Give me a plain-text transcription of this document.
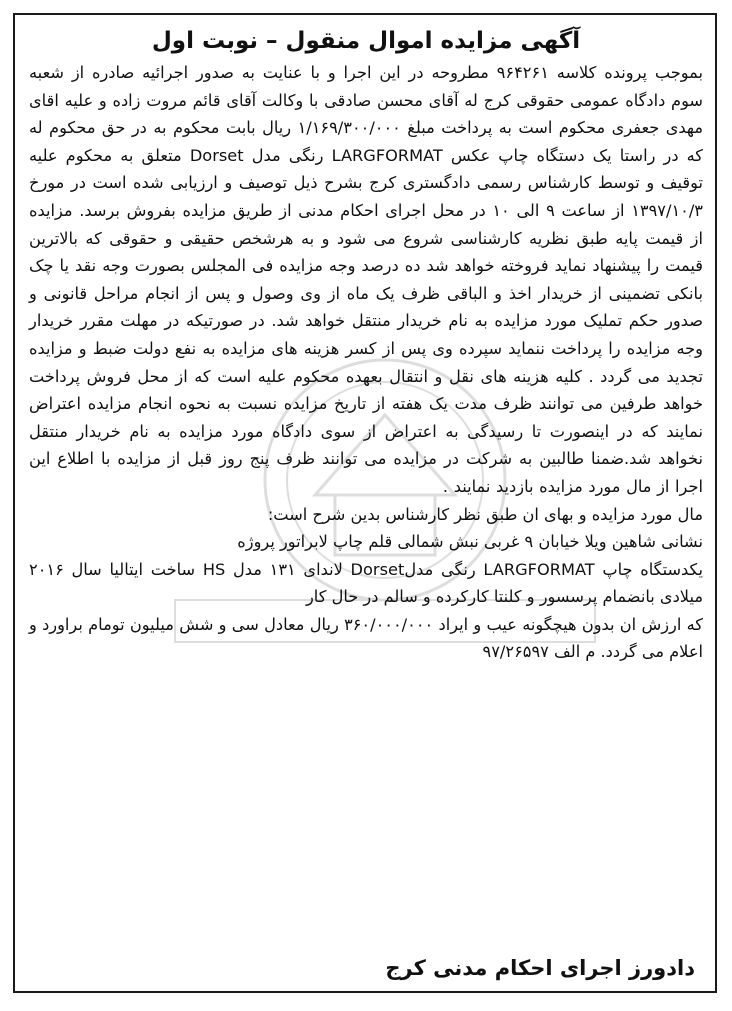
آگهی مزایده اموال منقول – نوبت اول

بموجب پرونده کلاسه ۹۶۴۲۶۱ مطروحه در این اجرا و با عنایت به صدور اجرائیه صادره از شعبه سوم دادگاه عمومی حقوقی کرج له آقای محسن صادقی با وکالت آقای قائم مروت زاده و علیه اقای مهدی جعفری محکوم است به پرداخت مبلغ ۱/۱۶۹/۳۰۰/۰۰۰ ریال بابت محکوم به در حق محکوم له که در راستا یک دستگاه چاپ عکس LARGFORMAT رنگی مدل Dorset متعلق به محکوم علیه توقیف و توسط کارشناس رسمی دادگستری کرج بشرح ذیل توصیف و ارزیابی شده است در مورخ ۱۳۹۷/۱۰/۳ از ساعت ۹ الی ۱۰ در محل اجرای احکام مدنی از طریق مزایده بفروش برسد. مزایده از قیمت پایه طبق نظریه کارشناسی شروع می شود و به هرشخص حقیقی و حقوقی که بالاترین قیمت را پیشنهاد نماید فروخته خواهد شد ده درصد وجه مزایده فی المجلس بصورت وجه نقد یا چک بانکی تضمینی از خریدار اخذ و الباقی ظرف یک ماه از وی وصول و پس از انجام مراحل قانونی و صدور حکم تملیک مورد مزایده به نام خریدار منتقل خواهد شد. در صورتیکه در مهلت مقرر خریدار وجه مزایده را پرداخت ننماید سپرده وی پس از کسر هزینه های مزایده به نفع دولت ضبط و مزایده تجدید می گردد . کلیه هزینه های نقل و انتقال بعهده محکوم علیه است که از محل فروش پرداخت خواهد طرفین می توانند ظرف مدت یک هفته از تاریخ مزایده نسبت به نحوه انجام مزایده اعتراض نمایند که در اینصورت تا رسیدگی به اعتراض از سوی دادگاه مورد مزایده به نام خریدار منتقل نخواهد شد.ضمنا طالبین به شرکت در مزایده می توانند ظرف پنج روز قبل از مزایده با اطلاع این اجرا از مال مورد مزایده بازدید نمایند .

مال مورد مزایده و بهای ان طبق نظر کارشناس بدین شرح است:

نشانی شاهین ویلا خیابان ۹ غربی نبش شمالی قلم چاپ لابراتور پروژه

یکدستگاه چاپ LARGFORMAT رنگی مدلDorset لاندای ۱۳۱ مدل HS ساخت ایتالیا سال ۲۰۱۶ میلادی بانضمام پرسسور و کلنتا کارکرده و سالم در حال کار

که ارزش ان بدون هیچگونه عیب و ایراد ۳۶۰/۰۰۰/۰۰۰ ریال معادل سی و شش میلیون تومام براورد و اعلام می گردد. م الف ۹۷/۲۶۵۹۷

دادورز اجرای احکام مدنی کرج
